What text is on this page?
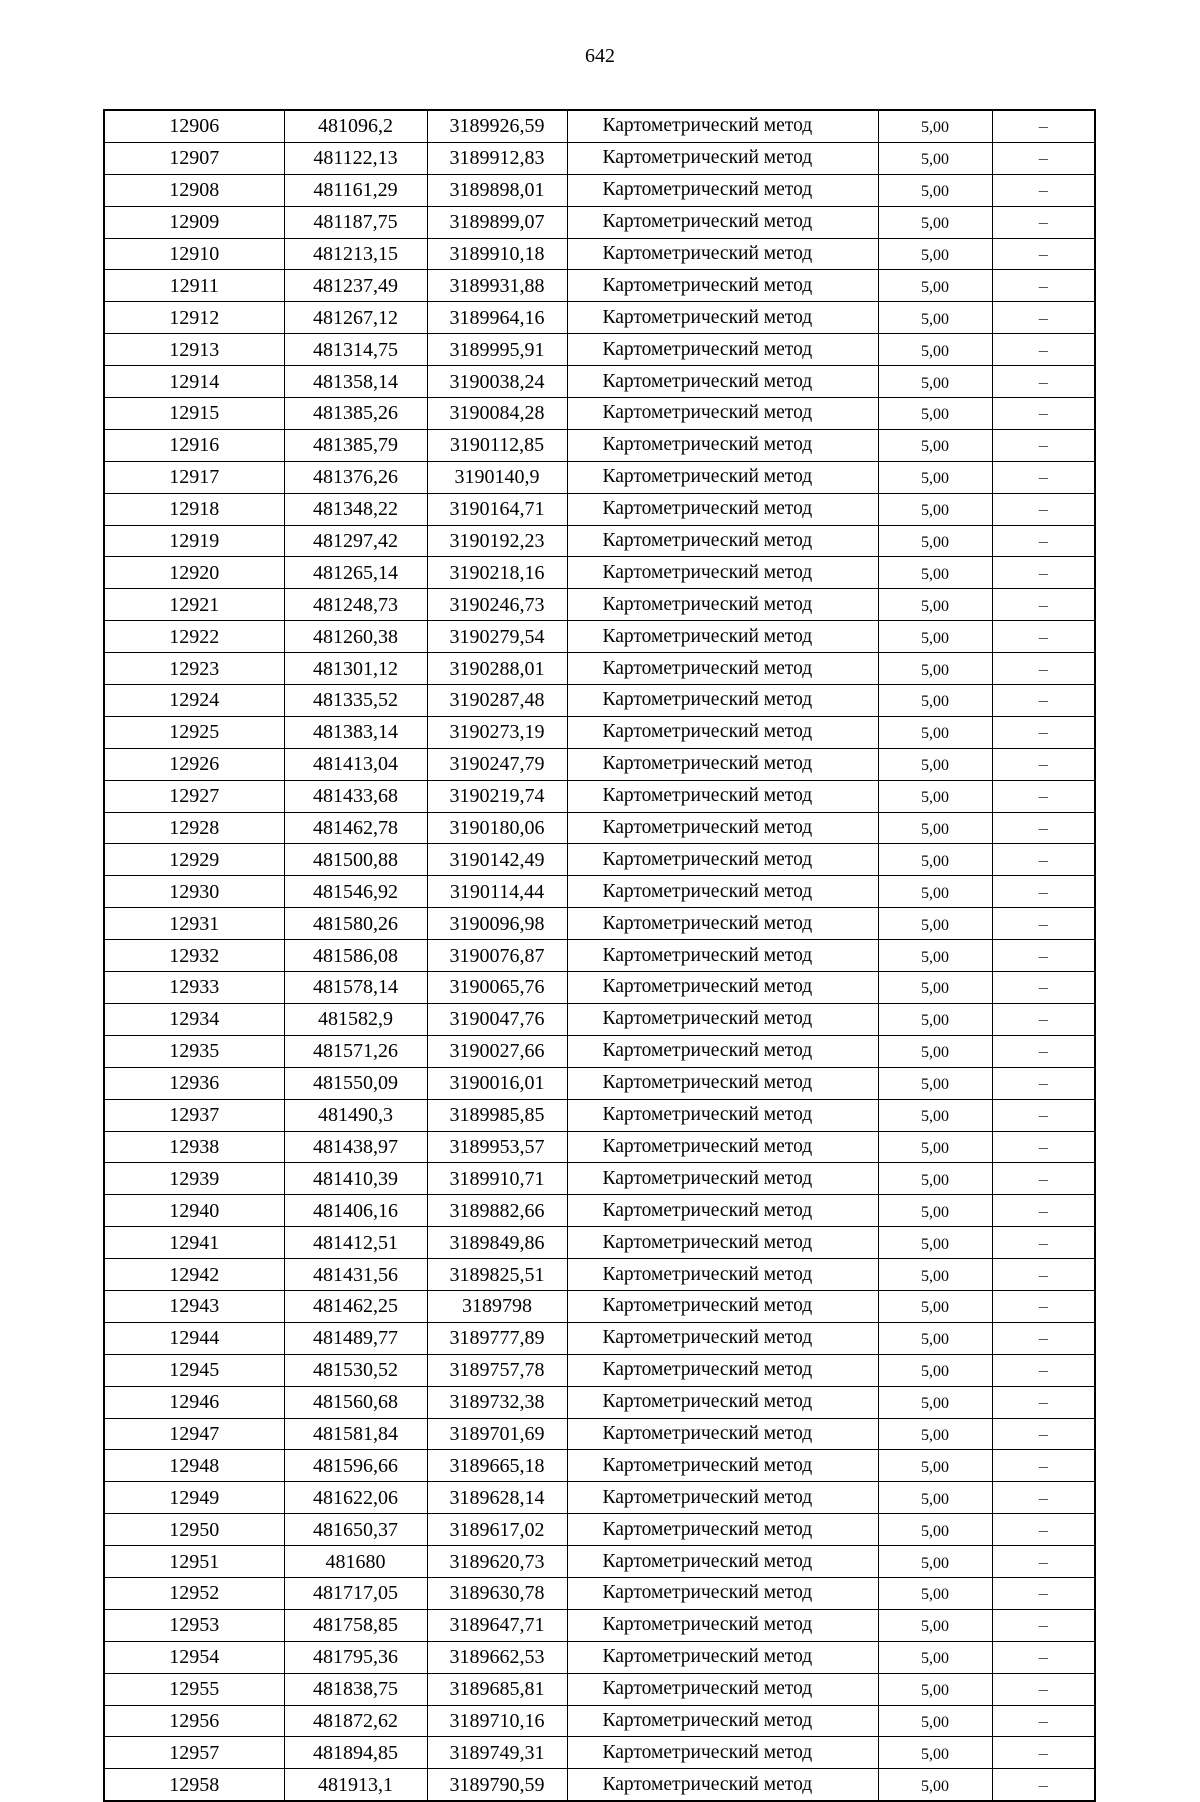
642
12906	481096,2	3189926,59	Картометрический метод	5,00	–
12907	481122,13	3189912,83	Картометрический метод	5,00	–
12908	481161,29	3189898,01	Картометрический метод	5,00	–
12909	481187,75	3189899,07	Картометрический метод	5,00	–
12910	481213,15	3189910,18	Картометрический метод	5,00	–
12911	481237,49	3189931,88	Картометрический метод	5,00	–
12912	481267,12	3189964,16	Картометрический метод	5,00	–
12913	481314,75	3189995,91	Картометрический метод	5,00	–
12914	481358,14	3190038,24	Картометрический метод	5,00	–
12915	481385,26	3190084,28	Картометрический метод	5,00	–
12916	481385,79	3190112,85	Картометрический метод	5,00	–
12917	481376,26	3190140,9	Картометрический метод	5,00	–
12918	481348,22	3190164,71	Картометрический метод	5,00	–
12919	481297,42	3190192,23	Картометрический метод	5,00	–
12920	481265,14	3190218,16	Картометрический метод	5,00	–
12921	481248,73	3190246,73	Картометрический метод	5,00	–
12922	481260,38	3190279,54	Картометрический метод	5,00	–
12923	481301,12	3190288,01	Картометрический метод	5,00	–
12924	481335,52	3190287,48	Картометрический метод	5,00	–
12925	481383,14	3190273,19	Картометрический метод	5,00	–
12926	481413,04	3190247,79	Картометрический метод	5,00	–
12927	481433,68	3190219,74	Картометрический метод	5,00	–
12928	481462,78	3190180,06	Картометрический метод	5,00	–
12929	481500,88	3190142,49	Картометрический метод	5,00	–
12930	481546,92	3190114,44	Картометрический метод	5,00	–
12931	481580,26	3190096,98	Картометрический метод	5,00	–
12932	481586,08	3190076,87	Картометрический метод	5,00	–
12933	481578,14	3190065,76	Картометрический метод	5,00	–
12934	481582,9	3190047,76	Картометрический метод	5,00	–
12935	481571,26	3190027,66	Картометрический метод	5,00	–
12936	481550,09	3190016,01	Картометрический метод	5,00	–
12937	481490,3	3189985,85	Картометрический метод	5,00	–
12938	481438,97	3189953,57	Картометрический метод	5,00	–
12939	481410,39	3189910,71	Картометрический метод	5,00	–
12940	481406,16	3189882,66	Картометрический метод	5,00	–
12941	481412,51	3189849,86	Картометрический метод	5,00	–
12942	481431,56	3189825,51	Картометрический метод	5,00	–
12943	481462,25	3189798	Картометрический метод	5,00	–
12944	481489,77	3189777,89	Картометрический метод	5,00	–
12945	481530,52	3189757,78	Картометрический метод	5,00	–
12946	481560,68	3189732,38	Картометрический метод	5,00	–
12947	481581,84	3189701,69	Картометрический метод	5,00	–
12948	481596,66	3189665,18	Картометрический метод	5,00	–
12949	481622,06	3189628,14	Картометрический метод	5,00	–
12950	481650,37	3189617,02	Картометрический метод	5,00	–
12951	481680	3189620,73	Картометрический метод	5,00	–
12952	481717,05	3189630,78	Картометрический метод	5,00	–
12953	481758,85	3189647,71	Картометрический метод	5,00	–
12954	481795,36	3189662,53	Картометрический метод	5,00	–
12955	481838,75	3189685,81	Картометрический метод	5,00	–
12956	481872,62	3189710,16	Картометрический метод	5,00	–
12957	481894,85	3189749,31	Картометрический метод	5,00	–
12958	481913,1	3189790,59	Картометрический метод	5,00	–
